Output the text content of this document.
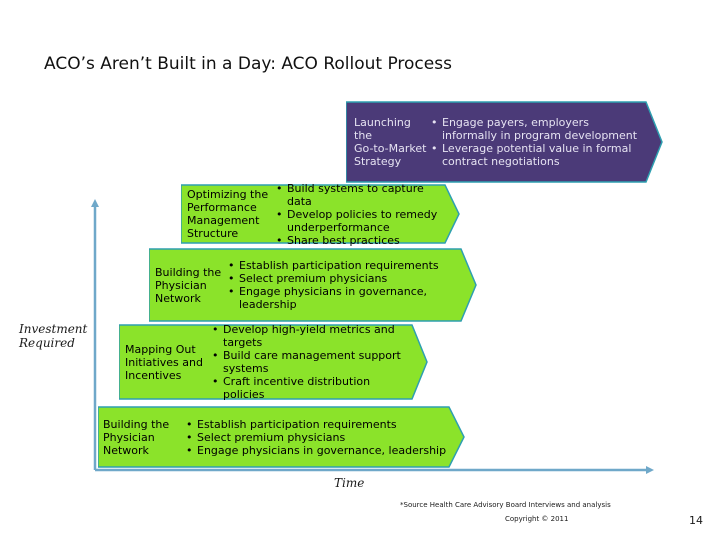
ACO’s Aren’t Built in a Day: ACO Rollout Process
Investment
Required
Time
Launching the
Go-to-Market
Strategy
• Engage payers, employers informally in program development
• Leverage potential value in formal contract negotiations
Optimizing the
Performance
Management
Structure
• Build systems to capture data
• Develop policies to remedy underperformance
• Share best practices
Building the
Physician
Network
• Establish participation requirements
• Select premium physicians
• Engage physicians in governance, leadership
Mapping Out
Initiatives and
Incentives
• Develop high-yield metrics and targets
• Build care management support systems
• Craft incentive distribution policies
Building the
Physician
Network
• Establish participation requirements
• Select premium physicians
• Engage physicians in governance, leadership
*Source Health Care Advisory Board Interviews and analysis
Copyright © 2011	14
